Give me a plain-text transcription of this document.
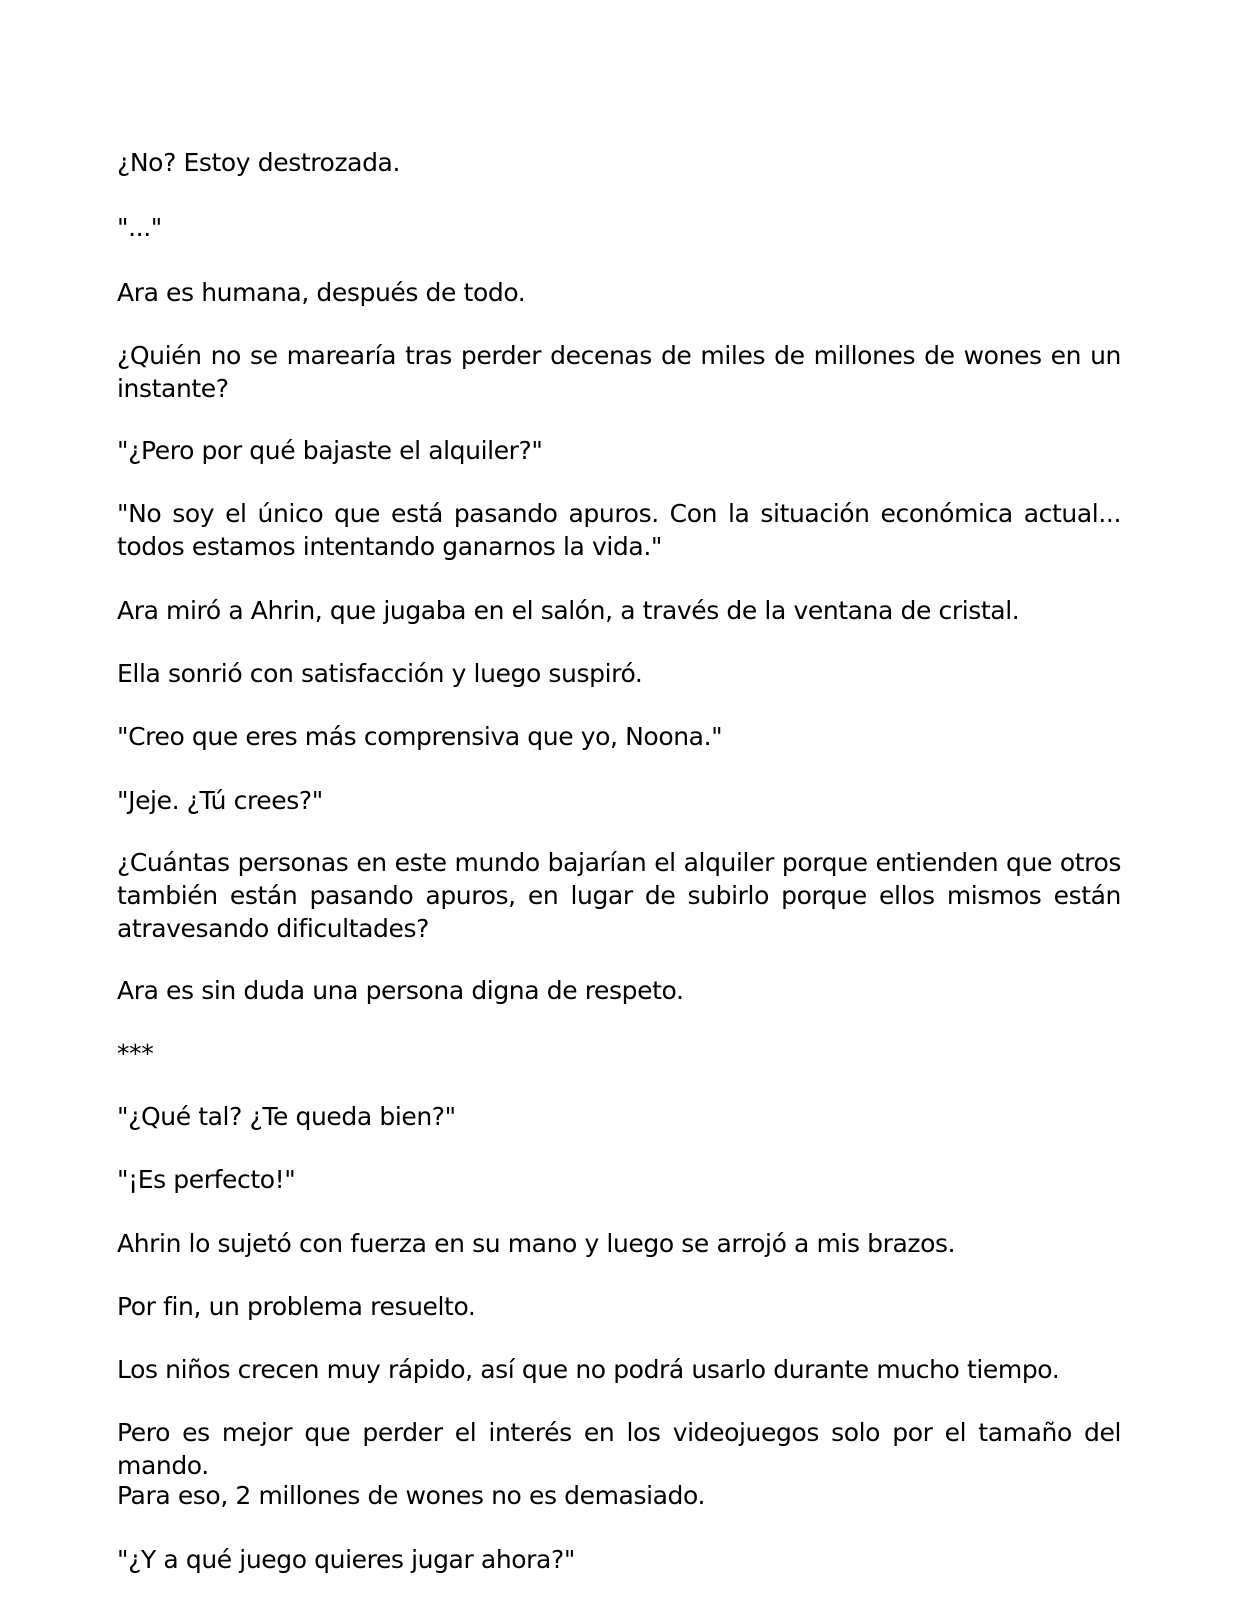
¿No? Estoy destrozada.
"..."
Ara es humana, después de todo.
¿Quién no se marearía tras perder decenas de miles de millones de wones en un instante?
"¿Pero por qué bajaste el alquiler?"
"No soy el único que está pasando apuros. Con la situación económica actual... todos estamos intentando ganarnos la vida."
Ara miró a Ahrin, que jugaba en el salón, a través de la ventana de cristal.
Ella sonrió con satisfacción y luego suspiró.
"Creo que eres más comprensiva que yo, Noona."
"Jeje. ¿Tú crees?"
¿Cuántas personas en este mundo bajarían el alquiler porque entienden que otros también están pasando apuros, en lugar de subirlo porque ellos mismos están atravesando dificultades?
Ara es sin duda una persona digna de respeto.
***
"¿Qué tal? ¿Te queda bien?"
"¡Es perfecto!"
Ahrin lo sujetó con fuerza en su mano y luego se arrojó a mis brazos.
Por fin, un problema resuelto.
Los niños crecen muy rápido, así que no podrá usarlo durante mucho tiempo.
Pero es mejor que perder el interés en los videojuegos solo por el tamaño del mando.
Para eso, 2 millones de wones no es demasiado.
"¿Y a qué juego quieres jugar ahora?"
